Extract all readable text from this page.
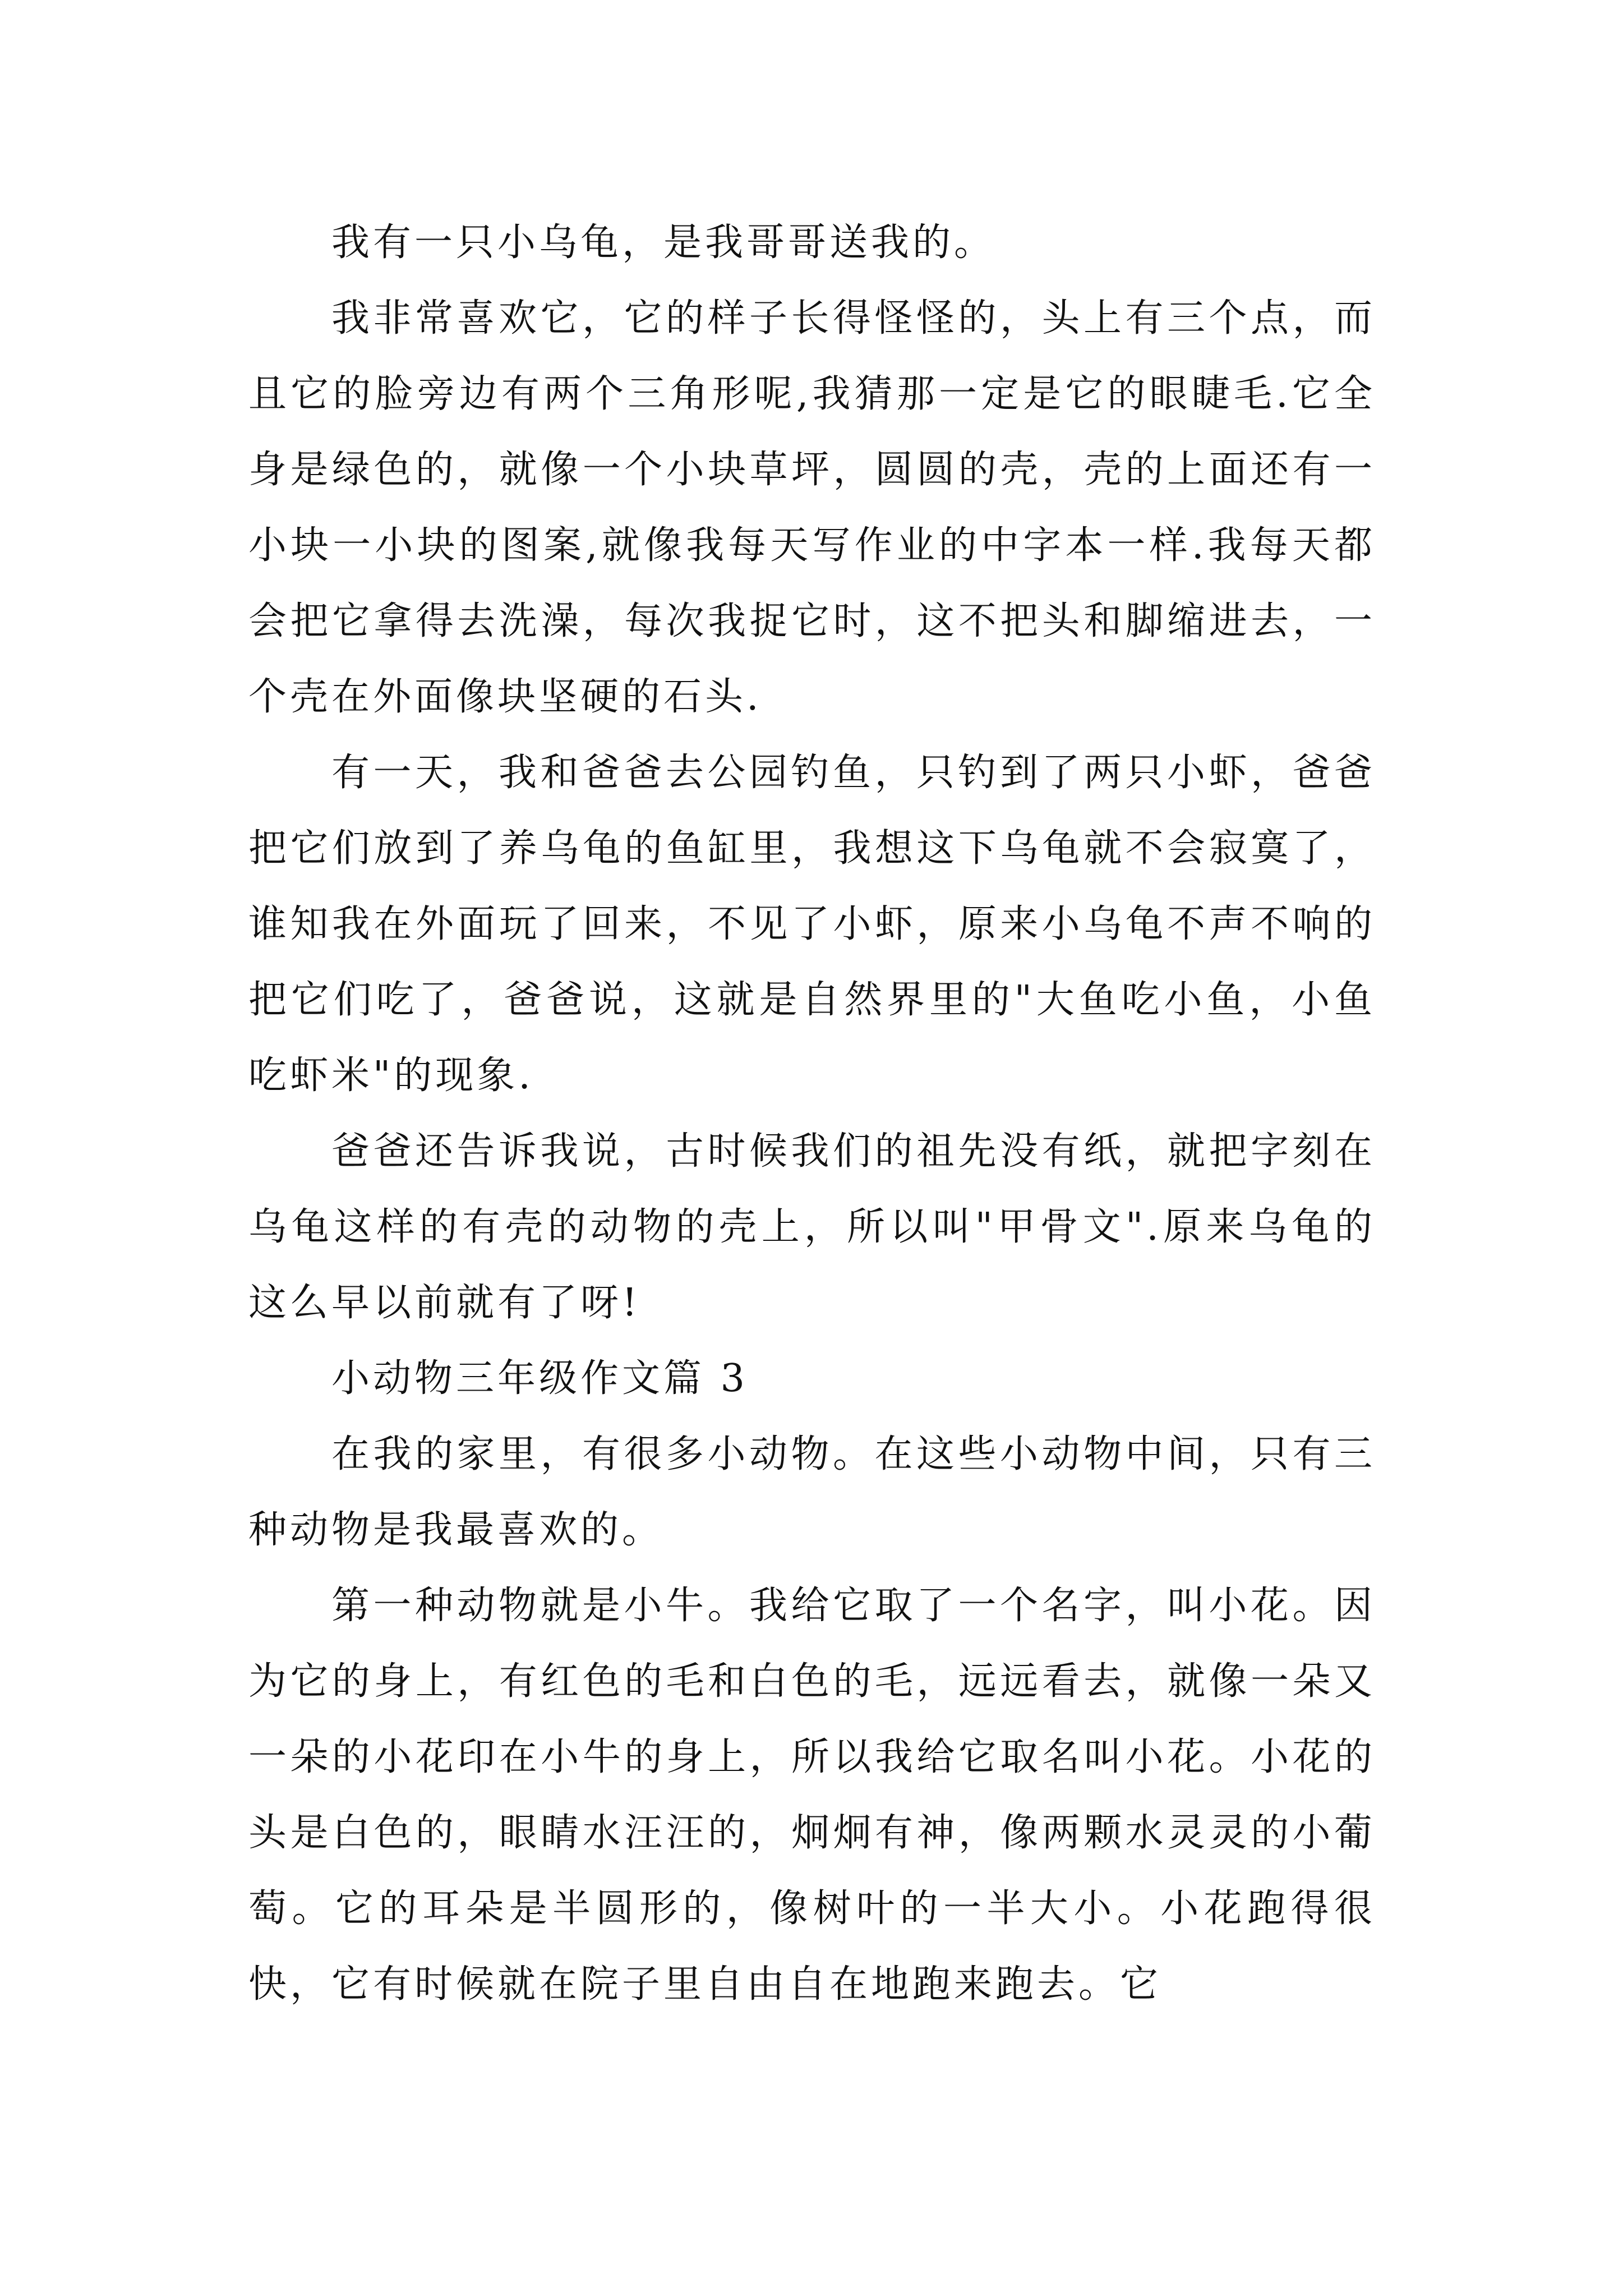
我有一只小乌龟，是我哥哥送我的。

我非常喜欢它，它的样子长得怪怪的，头上有三个点，而且它的脸旁边有两个三角形呢,我猜那一定是它的眼睫毛.它全身是绿色的，就像一个小块草坪，圆圆的壳，壳的上面还有一小块一小块的图案,就像我每天写作业的中字本一样.我每天都会把它拿得去洗澡，每次我捉它时，这不把头和脚缩进去，一个壳在外面像块坚硬的石头.

有一天，我和爸爸去公园钓鱼，只钓到了两只小虾，爸爸把它们放到了养乌龟的鱼缸里，我想这下乌龟就不会寂寞了，谁知我在外面玩了回来，不见了小虾，原来小乌龟不声不响的把它们吃了，爸爸说，这就是自然界里的"大鱼吃小鱼，小鱼吃虾米"的现象.

爸爸还告诉我说，古时候我们的祖先没有纸，就把字刻在乌龟这样的有壳的动物的壳上，所以叫"甲骨文".原来乌龟的这么早以前就有了呀!

小动物三年级作文篇 3

在我的家里，有很多小动物。在这些小动物中间，只有三种动物是我最喜欢的。

第一种动物就是小牛。我给它取了一个名字，叫小花。因为它的身上，有红色的毛和白色的毛，远远看去，就像一朵又一朵的小花印在小牛的身上，所以我给它取名叫小花。小花的头是白色的，眼睛水汪汪的，炯炯有神，像两颗水灵灵的小葡萄。它的耳朵是半圆形的，像树叶的一半大小。小花跑得很快，它有时候就在院子里自由自在地跑来跑去。它
